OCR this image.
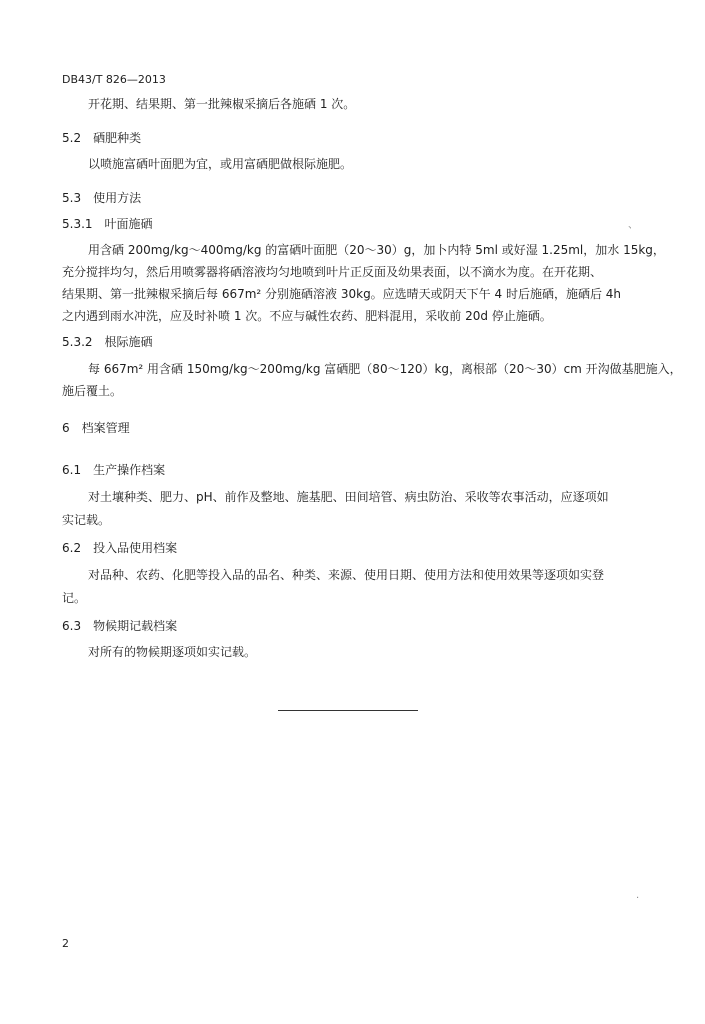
DB43/T 826—2013
开花期、结果期、第一批辣椒采摘后各施硒 1 次。
5.2　硒肥种类
以喷施富硒叶面肥为宜，或用富硒肥做根际施肥。
5.3　使用方法
5.3.1　叶面施硒	、
用含硒 200mg/kg～400mg/kg 的富硒叶面肥（20～30）g，加卜内特 5ml 或好湿 1.25ml，加水 15kg，
充分搅拌均匀，然后用喷雾器将硒溶液均匀地喷到叶片正反面及幼果表面，以不滴水为度。在开花期、
结果期、第一批辣椒采摘后每 667m² 分别施硒溶液 30kg。应选晴天或阴天下午 4 时后施硒，施硒后 4h
之内遇到雨水冲洗，应及时补喷 1 次。不应与碱性农药、肥料混用，采收前 20d 停止施硒。
5.3.2　根际施硒
每 667m² 用含硒 150mg/kg～200mg/kg 富硒肥（80～120）kg，离根部（20～30）cm 开沟做基肥施入，
施后覆土。
6　档案管理
6.1　生产操作档案
对土壤种类、肥力、pH、前作及整地、施基肥、田间培管、病虫防治、采收等农事活动，应逐项如
实记载。
6.2　投入品使用档案
对品种、农药、化肥等投入品的品名、种类、来源、使用日期、使用方法和使用效果等逐项如实登
记。
6.3　物候期记载档案
对所有的物候期逐项如实记载。
·
2
